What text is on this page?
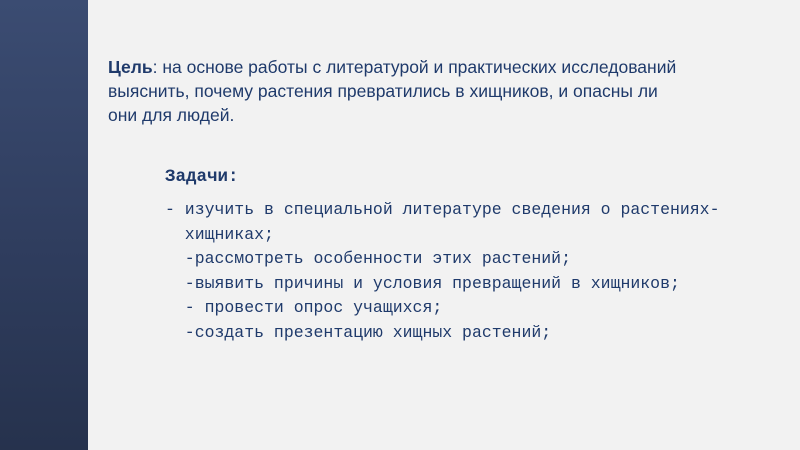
Цель: на основе работы с литературой и практических исследований
выяснить, почему растения превратились в хищников, и опасны ли
они для людей.

Задачи:

- изучить в специальной литературе сведения о растениях-
хищниках;
-рассмотреть особенности этих растений;
-выявить причины и условия превращений в хищников;
- провести опрос учащихся;
-создать презентацию хищных растений;
